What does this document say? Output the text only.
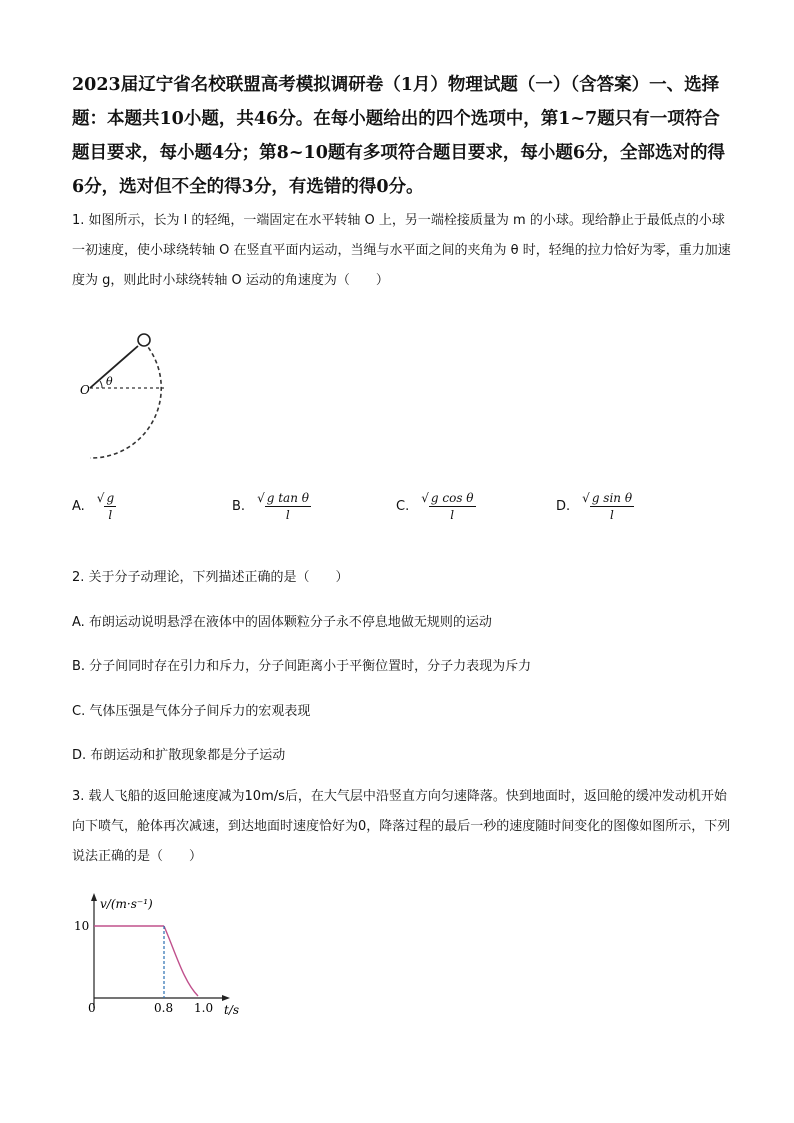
2023届辽宁省名校联盟高考模拟调研卷（1月）物理试题（一）（含答案）一、选择题：本题共10小题，共46分。在每小题给出的四个选项中，第1~7题只有一项符合题目要求，每小题4分；第8~10题有多项符合题目要求，每小题6分，全部选对的得6分，选对但不全的得3分，有选错的得0分。
1. 如图所示，长为 l 的轻绳，一端固定在水平转轴 O 上，另一端栓接质量为 m 的小球。现给静止于最低点的小球一初速度，使小球绕转轴 O 在竖直平面内运动，当绳与水平面之间的夹角为 θ 时，轻绳的拉力恰好为零，重力加速度为 g，则此时小球绕转轴 O 运动的角速度为（　　）
O
θ
A.
√ $\frac{g}{l}$	B.
√ $\frac{\text{g tan θ}}{l}$	C.
√ $\frac{\text{g cos θ}}{l}$	D.
√ $\frac{\text{g sin θ}}{l}$
2. 关于分子动理论，下列描述正确的是（　　）
A. 布朗运动说明悬浮在液体中的固体颗粒分子永不停息地做无规则的运动
B. 分子间同时存在引力和斥力，分子间距离小于平衡位置时，分子力表现为斥力
C. 气体压强是气体分子间斥力的宏观表现
D. 布朗运动和扩散现象都是分子运动
3. 载人飞船的返回舱速度减为10m/s后，在大气层中沿竖直方向匀速降落。快到地面时，返回舱的缓冲发动机开始向下喷气，舱体再次减速，到达地面时速度恰好为0，降落过程的最后一秒的速度随时间变化的图像如图所示，下列说法正确的是（　　）
v/(m·s⁻¹)
t/s
10
0	0.8 1.0
